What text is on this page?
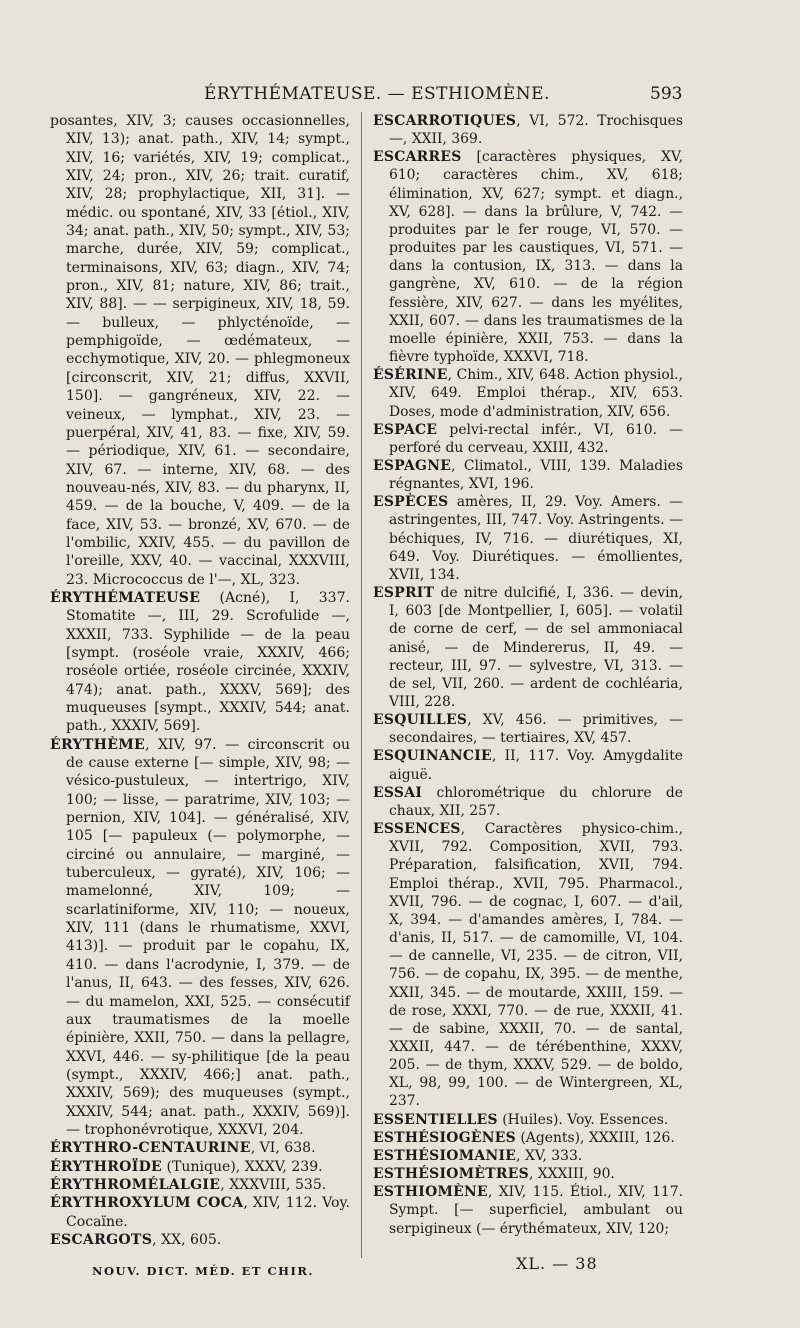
ÉRYTHÉMATEUSE. — ESTHIOMÈNE.	593

posantes, XIV, 3; causes occasionnelles, XIV, 13); anat. path., XIV, 14; sympt., XIV, 16; variétés, XIV, 19; complicat., XIV, 24; pron., XIV, 26; trait. curatif, XIV, 28; prophylactique, XII, 31]. — médic. ou spontané, XIV, 33 [étiol., XIV, 34; anat. path., XIV, 50; sympt., XIV, 53; marche, durée, XIV, 59; complicat., terminaisons, XIV, 63; diagn., XIV, 74; pron., XIV, 81; nature, XIV, 86; trait., XIV, 88]. — — serpigineux, XIV, 18, 59. — bulleux, — phlycténoïde, — pemphigoïde, — œdémateux, — ecchymotique, XIV, 20. — phlegmoneux [circonscrit, XIV, 21; diffus, XXVII, 150]. — gangréneux, XIV, 22. — veineux, — lymphat., XIV, 23. — puerpéral, XIV, 41, 83. — fixe, XIV, 59. — périodique, XIV, 61. — secondaire, XIV, 67. — interne, XIV, 68. — des nouveau-nés, XIV, 83. — du pharynx, II, 459. — de la bouche, V, 409. — de la face, XIV, 53. — bronzé, XV, 670. — de l'ombilic, XXIV, 455. — du pavillon de l'oreille, XXV, 40. — vaccinal, XXXVIII, 23. Micrococcus de l'—, XL, 323.

ÉRYTHÉMATEUSE (Acné), I, 337. Stomatite —, III, 29. Scrofulide —, XXXII, 733. Syphilide — de la peau [sympt. (roséole vraie, XXXIV, 466; roséole ortiée, roséole circinée, XXXIV, 474); anat. path., XXXV, 569]; des muqueuses [sympt., XXXIV, 544; anat. path., XXXIV, 569].

ÉRYTHÈME, XIV, 97. — circonscrit ou de cause externe [— simple, XIV, 98; — vésico-pustuleux, — intertrigo, XIV, 100; — lisse, — paratrime, XIV, 103; — pernion, XIV, 104]. — généralisé, XIV, 105 [— papuleux (— polymorphe, — circiné ou annulaire, — marginé, — tuberculeux, — gyraté), XIV, 106; — mamelonné, XIV, 109; — scarlatiniforme, XIV, 110; — noueux, XIV, 111 (dans le rhumatisme, XXVI, 413)]. — produit par le copahu, IX, 410. — dans l'acrodynie, I, 379. — de l'anus, II, 643. — des fesses, XIV, 626. — du mamelon, XXI, 525. — consécutif aux traumatismes de la moelle épinière, XXII, 750. — dans la pellagre, XXVI, 446. — sy-philitique [de la peau (sympt., XXXIV, 466;] anat. path., XXXIV, 569); des muqueuses (sympt., XXXIV, 544; anat. path., XXXIV, 569)]. — trophonévrotique, XXXVI, 204.

ÉRYTHRO-CENTAURINE, VI, 638.

ÉRYTHROÏDE (Tunique), XXXV, 239.

ÉRYTHROMÉLALGIE, XXXVIII, 535.

ÉRYTHROXYLUM COCA, XIV, 112. Voy. Cocaïne.

ESCARGOTS, XX, 605.

ESCARROTIQUES, VI, 572. Trochisques —, XXII, 369.

ESCARRES [caractères physiques, XV, 610; caractères chim., XV, 618; élimination, XV, 627; sympt. et diagn., XV, 628]. — dans la brûlure, V, 742. — produites par le fer rouge, VI, 570. — produites par les caustiques, VI, 571. — dans la contusion, IX, 313. — dans la gangrène, XV, 610. — de la région fessière, XIV, 627. — dans les myélites, XXII, 607. — dans les traumatismes de la moelle épinière, XXII, 753. — dans la fièvre typhoïde, XXXVI, 718.

ÉSÉRINE, Chim., XIV, 648. Action physiol., XIV, 649. Emploi thérap., XIV, 653. Doses, mode d'administration, XIV, 656.

ESPACE pelvi-rectal infér., VI, 610. — perforé du cerveau, XXIII, 432.

ESPAGNE, Climatol., VIII, 139. Maladies régnantes, XVI, 196.

ESPÈCES amères, II, 29. Voy. Amers. — astringentes, III, 747. Voy. Astringents. — béchiques, IV, 716. — diurétiques, XI, 649. Voy. Diurétiques. — émollientes, XVII, 134.

ESPRIT de nitre dulcifié, I, 336. — devin, I, 603 [de Montpellier, I, 605]. — volatil de corne de cerf, — de sel ammoniacal anisé, — de Mindererus, II, 49. — recteur, III, 97. — sylvestre, VI, 313. — de sel, VII, 260. — ardent de cochléaria, VIII, 228.

ESQUILLES, XV, 456. — primitives, — secondaires, — tertiaires, XV, 457.

ESQUINANCIE, II, 117. Voy. Amygdalite aiguë.

ESSAI chlorométrique du chlorure de chaux, XII, 257.

ESSENCES, Caractères physico-chim., XVII, 792. Composition, XVII, 793. Préparation, falsification, XVII, 794. Emploi thérap., XVII, 795. Pharmacol., XVII, 796. — de cognac, I, 607. — d'ail, X, 394. — d'amandes amères, I, 784. — d'anis, II, 517. — de camomille, VI, 104. — de cannelle, VI, 235. — de citron, VII, 756. — de copahu, IX, 395. — de menthe, XXII, 345. — de moutarde, XXIII, 159. — de rose, XXXI, 770. — de rue, XXXII, 41. — de sabine, XXXII, 70. — de santal, XXXII, 447. — de térébenthine, XXXV, 205. — de thym, XXXV, 529. — de boldo, XL, 98, 99, 100. — de Wintergreen, XL, 237.

ESSENTIELLES (Huiles). Voy. Essences.

ESTHÉSIOGÈNES (Agents), XXXIII, 126.

ESTHÉSIOMANIE, XV, 333.

ESTHÉSIOMÈTRES, XXXIII, 90.

ESTHIOMÈNE, XIV, 115. Étiol., XIV, 117. Sympt. [— superficiel, ambulant ou serpigineux (— érythémateux, XIV, 120;

NOUV. DICT. MÉD. ET CHIR.	XL. — 38
